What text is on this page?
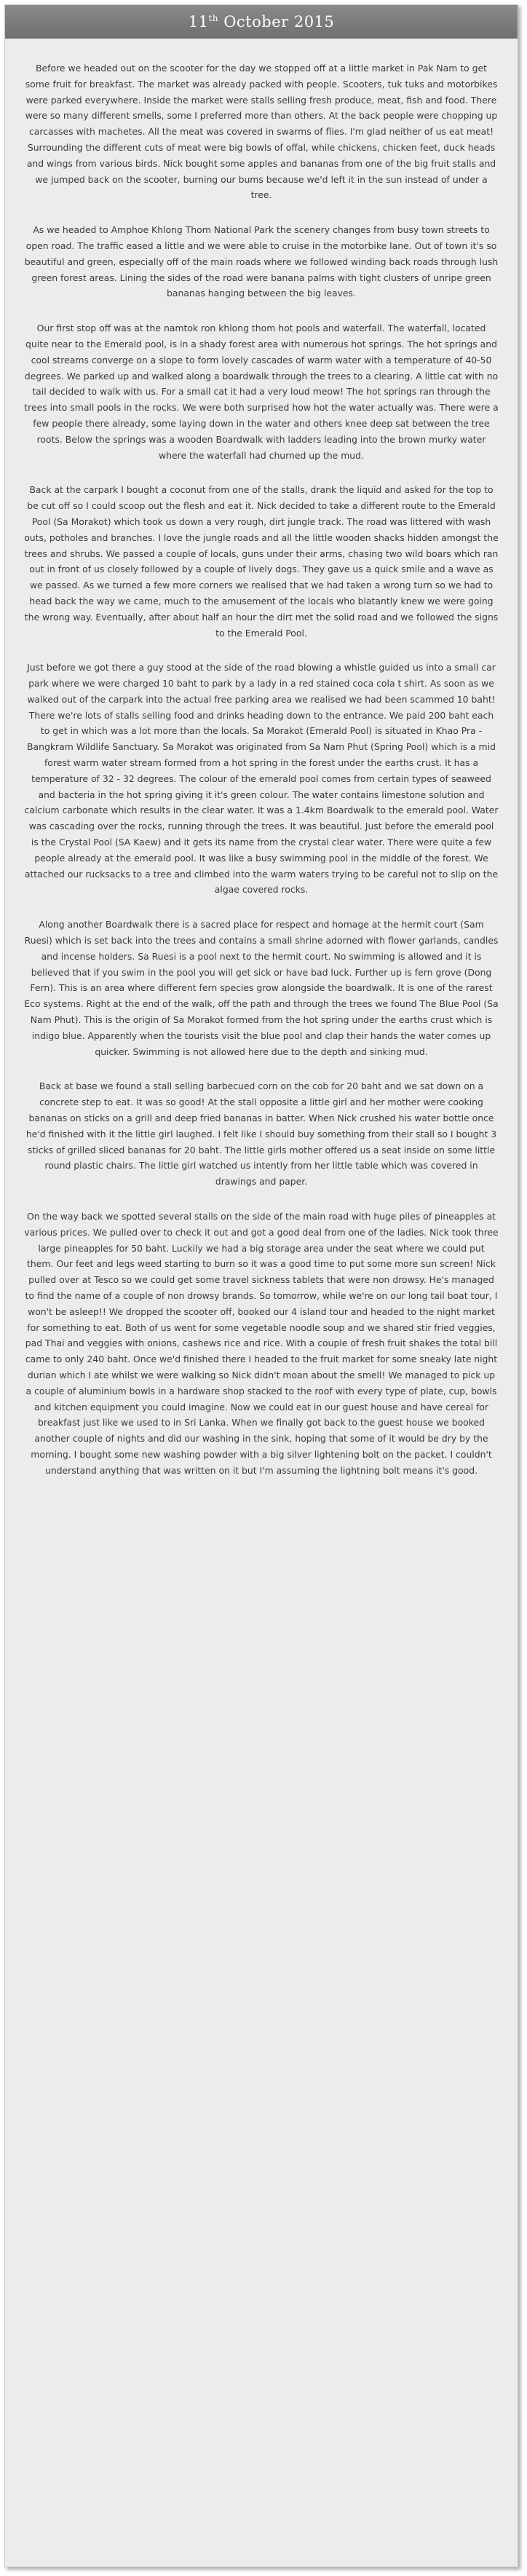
11th October 2015

Before we headed out on the scooter for the day we stopped off at a little market in Pak Nam to get some fruit for breakfast. The market was already packed with people. Scooters, tuk tuks and motorbikes were parked everywhere. Inside the market were stalls selling fresh produce, meat, fish and food. There were so many different smells, some I preferred more than others. At the back people were chopping up carcasses with machetes. All the meat was covered in swarms of flies. I'm glad neither of us eat meat! Surrounding the different cuts of meat were big bowls of offal, while chickens, chicken feet, duck heads and wings from various birds. Nick bought some apples and bananas from one of the big fruit stalls and we jumped back on the scooter, burning our bums because we'd left it in the sun instead of under a tree.

As we headed to Amphoe Khlong Thom National Park the scenery changes from busy town streets to open road. The traffic eased a little and we were able to cruise in the motorbike lane. Out of town it's so beautiful and green, especially off of the main roads where we followed winding back roads through lush green forest areas. Lining the sides of the road were banana palms with tight clusters of unripe green bananas hanging between the big leaves.

Our first stop off was at the namtok ron khlong thom hot pools and waterfall. The waterfall, located quite near to the Emerald pool, is in a shady forest area with numerous hot springs. The hot springs and cool streams converge on a slope to form lovely cascades of warm water with a temperature of 40-50 degrees. We parked up and walked along a boardwalk through the trees to a clearing. A little cat with no tail decided to walk with us. For a small cat it had a very loud meow! The hot springs ran through the trees into small pools in the rocks. We were both surprised how hot the water actually was. There were a few people there already, some laying down in the water and others knee deep sat between the tree roots. Below the springs was a wooden Boardwalk with ladders leading into the brown murky water where the waterfall had churned up the mud.

Back at the carpark I bought a coconut from one of the stalls, drank the liquid and asked for the top to be cut off so I could scoop out the flesh and eat it. Nick decided to take a different route to the Emerald Pool (Sa Morakot) which took us down a very rough, dirt jungle track. The road was littered with wash outs, potholes and branches. I love the jungle roads and all the little wooden shacks hidden amongst the trees and shrubs. We passed a couple of locals, guns under their arms, chasing two wild boars which ran out in front of us closely followed by a couple of lively dogs. They gave us a quick smile and a wave as we passed. As we turned a few more corners we realised that we had taken a wrong turn so we had to head back the way we came, much to the amusement of the locals who blatantly knew we were going the wrong way. Eventually, after about half an hour the dirt met the solid road and we followed the signs to the Emerald Pool.

Just before we got there a guy stood at the side of the road blowing a whistle guided us into a small car park where we were charged 10 baht to park by a lady in a red stained coca cola t shirt. As soon as we walked out of the carpark into the actual free parking area we realised we had been scammed 10 baht! There we're lots of stalls selling food and drinks heading down to the entrance. We paid 200 baht each to get in which was a lot more than the locals. Sa Morakot (Emerald Pool) is situated in Khao Pra - Bangkram Wildlife Sanctuary. Sa Morakot was originated from Sa Nam Phut (Spring Pool) which is a mid forest warm water stream formed from a hot spring in the forest under the earths crust. It has a temperature of 32 - 32 degrees. The colour of the emerald pool comes from certain types of seaweed and bacteria in the hot spring giving it it's green colour. The water contains limestone solution and calcium carbonate which results in the clear water. It was a 1.4km Boardwalk to the emerald pool. Water was cascading over the rocks, running through the trees. It was beautiful. Just before the emerald pool is the Crystal Pool (SA Kaew) and it gets its name from the crystal clear water. There were quite a few people already at the emerald pool. It was like a busy swimming pool in the middle of the forest. We attached our rucksacks to a tree and climbed into the warm waters trying to be careful not to slip on the algae covered rocks.

Along another Boardwalk there is a sacred place for respect and homage at the hermit court (Sam Ruesi) which is set back into the trees and contains a small shrine adorned with flower garlands, candles and incense holders. Sa Ruesi is a pool next to the hermit court. No swimming is allowed and it is believed that if you swim in the pool you will get sick or have bad luck. Further up is fern grove (Dong Fern). This is an area where different fern species grow alongside the boardwalk. It is one of the rarest Eco systems. Right at the end of the walk, off the path and through the trees we found The Blue Pool (Sa Nam Phut). This is the origin of Sa Morakot formed from the hot spring under the earths crust which is indigo blue. Apparently when the tourists visit the blue pool and clap their hands the water comes up quicker. Swimming is not allowed here due to the depth and sinking mud.

Back at base we found a stall selling barbecued corn on the cob for 20 baht and we sat down on a concrete step to eat. It was so good! At the stall opposite a little girl and her mother were cooking bananas on sticks on a grill and deep fried bananas in batter. When Nick crushed his water bottle once he'd finished with it the little girl laughed. I felt like I should buy something from their stall so I bought 3 sticks of grilled sliced bananas for 20 baht. The little girls mother offered us a seat inside on some little round plastic chairs. The little girl watched us intently from her little table which was covered in drawings and paper.

On the way back we spotted several stalls on the side of the main road with huge piles of pineapples at various prices. We pulled over to check it out and got a good deal from one of the ladies. Nick took three large pineapples for 50 baht. Luckily we had a big storage area under the seat where we could put them. Our feet and legs weed starting to burn so it was a good time to put some more sun screen! Nick pulled over at Tesco so we could get some travel sickness tablets that were non drowsy. He's managed to find the name of a couple of non drowsy brands. So tomorrow, while we're on our long tail boat tour, I won't be asleep!! We dropped the scooter off, booked our 4 island tour and headed to the night market for something to eat. Both of us went for some vegetable noodle soup and we shared stir fried veggies, pad Thai and veggies with onions, cashews rice and rice. With a couple of fresh fruit shakes the total bill came to only 240 baht. Once we'd finished there I headed to the fruit market for some sneaky late night durian which I ate whilst we were walking so Nick didn't moan about the smell! We managed to pick up a couple of aluminium bowls in a hardware shop stacked to the roof with every type of plate, cup, bowls and kitchen equipment you could imagine. Now we could eat in our guest house and have cereal for breakfast just like we used to in Sri Lanka. When we finally got back to the guest house we booked another couple of nights and did our washing in the sink, hoping that some of it would be dry by the morning. I bought some new washing powder with a big silver lightening bolt on the packet. I couldn't understand anything that was written on it but I'm assuming the lightning bolt means it's good.
